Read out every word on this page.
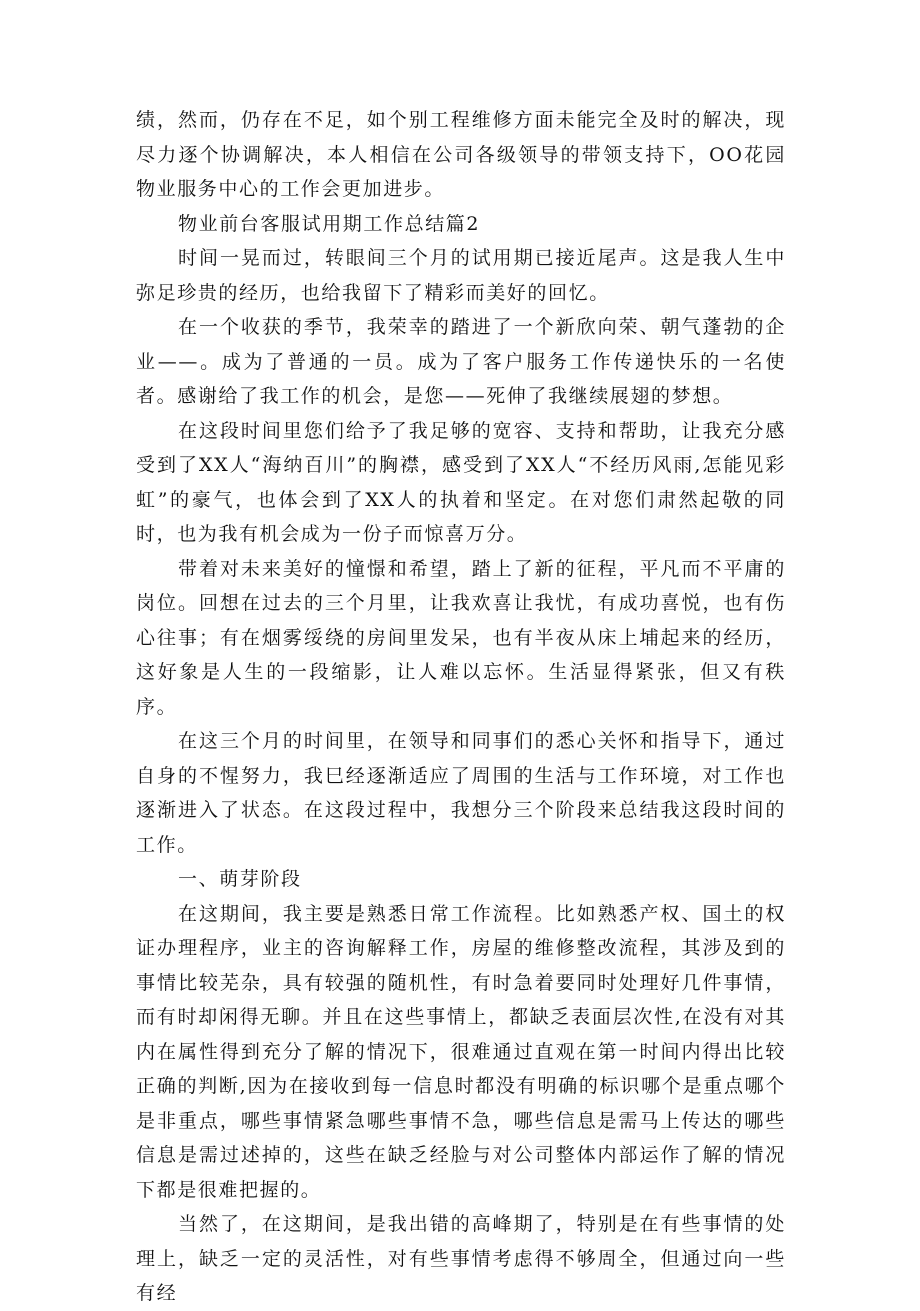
绩，然而，仍存在不足，如个别工程维修方面未能完全及时的解决，现尽力逐个协调解决，本人相信在公司各级领导的带领支持下，OO花园物业服务中心的工作会更加进步。

物业前台客服试用期工作总结篇2

时间一晃而过，转眼间三个月的试用期已接近尾声。这是我人生中弥足珍贵的经历，也给我留下了精彩而美好的回忆。

在一个收获的季节，我荣幸的踏进了一个新欣向荣、朝气蓬勃的企业——。成为了普通的一员。成为了客户服务工作传递快乐的一名使者。感谢给了我工作的机会，是您——死伸了我继续展翅的梦想。

在这段时间里您们给予了我足够的宽容、支持和帮助，让我充分感受到了XX人“海纳百川”的胸襟，感受到了XX人“不经历风雨,怎能见彩虹”的豪气，也体会到了XX人的执着和坚定。在对您们肃然起敬的同时，也为我有机会成为一份子而惊喜万分。

带着对未来美好的憧憬和希望，踏上了新的征程，平凡而不平庸的岗位。回想在过去的三个月里，让我欢喜让我忧，有成功喜悦，也有伤心往事；有在烟雾绥绕的房间里发呆，也有半夜从床上埔起来的经历，这好象是人生的一段缩影，让人难以忘怀。生活显得紧张，但又有秩序。

在这三个月的时间里，在领导和同事们的悉心关怀和指导下，通过自身的不惺努力，我巳经逐渐适应了周围的生活与工作环境，对工作也逐渐进入了状态。在这段过程中，我想分三个阶段来总结我这段时间的工作。

一、萌芽阶段

在这期间，我主要是熟悉日常工作流程。比如熟悉产权、国土的权证办理程序，业主的咨询解释工作，房屋的维修整改流程，其涉及到的事情比较芜杂，具有较强的随机性，有时急着要同时处理好几件事情，而有时却闲得无聊。并且在这些事情上，都缺乏表面层次性,在没有对其内在属性得到充分了解的情况下，很难通过直观在第一时间内得出比较正确的判断,因为在接收到每一信息时都没有明确的标识哪个是重点哪个是非重点，哪些事情紧急哪些事情不急，哪些信息是需马上传达的哪些信息是需过述掉的，这些在缺乏经脸与对公司整体内部运作了解的情况下都是很难把握的。

当然了，在这期间，是我出错的高峰期了，特别是在有些事情的处理上，缺乏一定的灵活性，对有些事情考虑得不够周全，但通过向一些有经
